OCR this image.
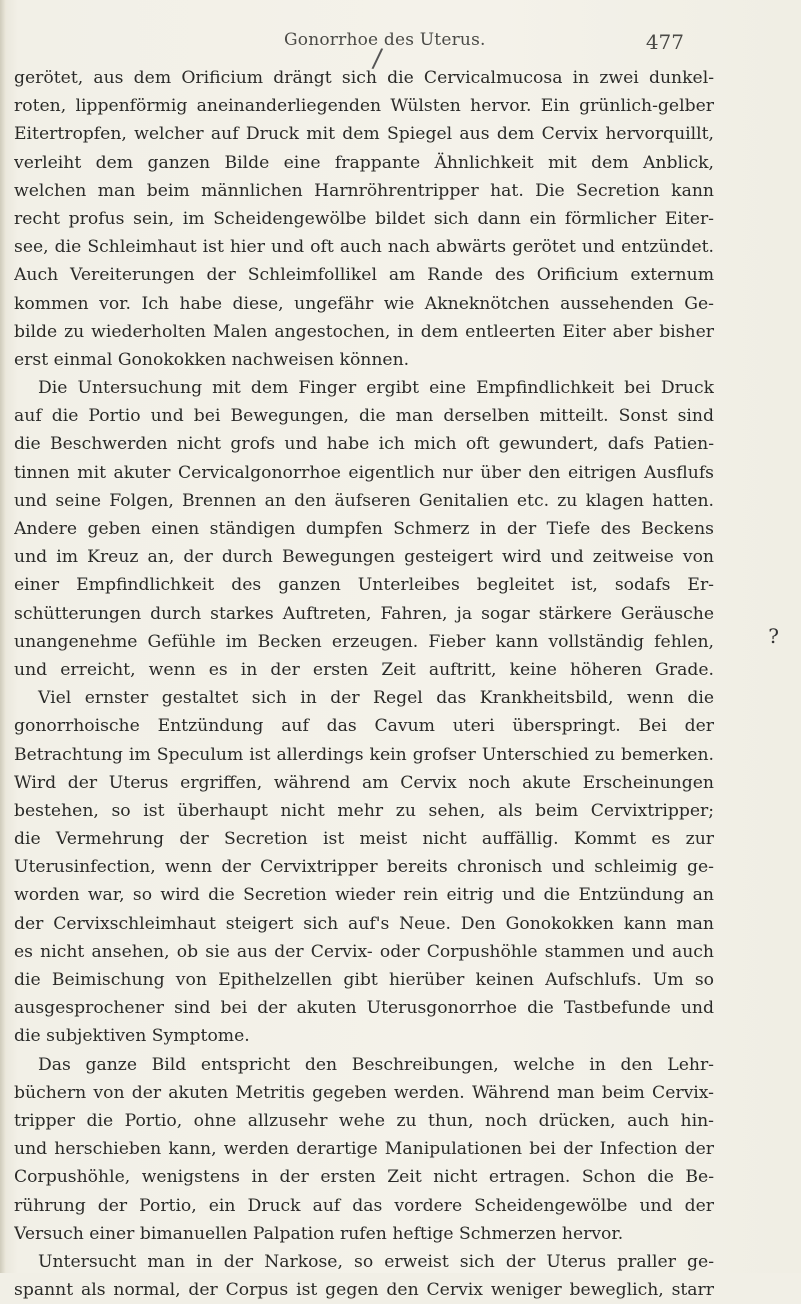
Gonorrhoe des Uterus.	477
/
gerötet, aus dem Orificium drängt sich die Cervicalmucosa in zwei dunkel-
roten, lippenförmig aneinanderliegenden Wülsten hervor. Ein grünlich-gelber
Eitertropfen, welcher auf Druck mit dem Spiegel aus dem Cervix hervorquillt,
verleiht dem ganzen Bilde eine frappante Ähnlichkeit mit dem Anblick,
welchen man beim männlichen Harnröhrentripper hat. Die Secretion kann
recht profus sein, im Scheidengewölbe bildet sich dann ein förmlicher Eiter-
see, die Schleimhaut ist hier und oft auch nach abwärts gerötet und entzündet.
Auch Vereiterungen der Schleimfollikel am Rande des Orificium externum
kommen vor. Ich habe diese, ungefähr wie Akneknötchen aussehenden Ge-
bilde zu wiederholten Malen angestochen, in dem entleerten Eiter aber bisher
erst einmal Gonokokken nachweisen können.
Die Untersuchung mit dem Finger ergibt eine Empfindlichkeit bei Druck
auf die Portio und bei Bewegungen, die man derselben mitteilt. Sonst sind
die Beschwerden nicht grofs und habe ich mich oft gewundert, dafs Patien-
tinnen mit akuter Cervicalgonorrhoe eigentlich nur über den eitrigen Ausflufs
und seine Folgen, Brennen an den äufseren Genitalien etc. zu klagen hatten.
Andere geben einen ständigen dumpfen Schmerz in der Tiefe des Beckens
und im Kreuz an, der durch Bewegungen gesteigert wird und zeitweise von
einer Empfindlichkeit des ganzen Unterleibes begleitet ist, sodafs Er-
schütterungen durch starkes Auftreten, Fahren, ja sogar stärkere Geräusche
unangenehme Gefühle im Becken erzeugen. Fieber kann vollständig fehlen,
und erreicht, wenn es in der ersten Zeit auftritt, keine höheren Grade.
Viel ernster gestaltet sich in der Regel das Krankheitsbild, wenn die
gonorrhoische Entzündung auf das Cavum uteri überspringt. Bei der
Betrachtung im Speculum ist allerdings kein grofser Unterschied zu bemerken.
Wird der Uterus ergriffen, während am Cervix noch akute Erscheinungen
bestehen, so ist überhaupt nicht mehr zu sehen, als beim Cervixtripper;
die Vermehrung der Secretion ist meist nicht auffällig. Kommt es zur
Uterusinfection, wenn der Cervixtripper bereits chronisch und schleimig ge-
worden war, so wird die Secretion wieder rein eitrig und die Entzündung an
der Cervixschleimhaut steigert sich auf's Neue. Den Gonokokken kann man
es nicht ansehen, ob sie aus der Cervix- oder Corpushöhle stammen und auch
die Beimischung von Epithelzellen gibt hierüber keinen Aufschlufs. Um so
ausgesprochener sind bei der akuten Uterusgonorrhoe die Tastbefunde und
die subjektiven Symptome.
Das ganze Bild entspricht den Beschreibungen, welche in den Lehr-
büchern von der akuten Metritis gegeben werden. Während man beim Cervix-
tripper die Portio, ohne allzusehr wehe zu thun, noch drücken, auch hin-
und herschieben kann, werden derartige Manipulationen bei der Infection der
Corpushöhle, wenigstens in der ersten Zeit nicht ertragen. Schon die Be-
rührung der Portio, ein Druck auf das vordere Scheidengewölbe und der
Versuch einer bimanuellen Palpation rufen heftige Schmerzen hervor.
Untersucht man in der Narkose, so erweist sich der Uterus praller ge-
spannt als normal, der Corpus ist gegen den Cervix weniger beweglich, starr
?
